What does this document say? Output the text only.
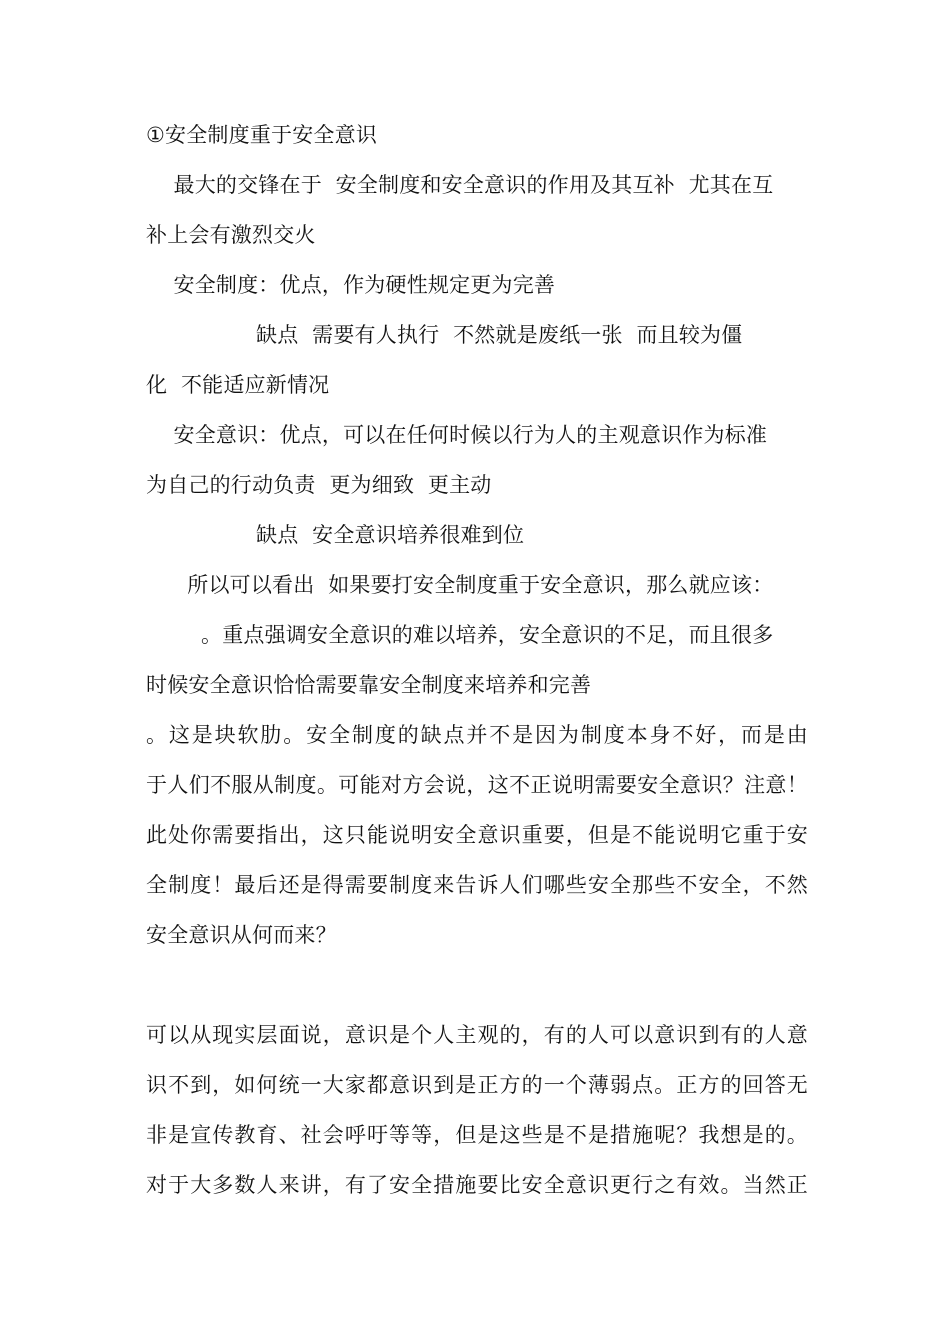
①安全制度重于安全意识
最大的交锋在于  安全制度和安全意识的作用及其互补  尤其在互
补上会有激烈交火
安全制度：优点，作为硬性规定更为完善
缺点  需要有人执行  不然就是废纸一张  而且较为僵
化  不能适应新情况
安全意识：优点，可以在任何时候以行为人的主观意识作为标准
为自己的行动负责  更为细致  更主动
缺点  安全意识培养很难到位
所以可以看出  如果要打安全制度重于安全意识，那么就应该：
。重点强调安全意识的难以培养，安全意识的不足，而且很多
时候安全意识恰恰需要靠安全制度来培养和完善
。这是块软肋。安全制度的缺点并不是因为制度本身不好，而是由
于人们不服从制度。可能对方会说，这不正说明需要安全意识？注意！
此处你需要指出，这只能说明安全意识重要，但是不能说明它重于安
全制度！最后还是得需要制度来告诉人们哪些安全那些不安全，不然
安全意识从何而来？
可以从现实层面说，意识是个人主观的，有的人可以意识到有的人意
识不到，如何统一大家都意识到是正方的一个薄弱点。正方的回答无
非是宣传教育、社会呼吁等等，但是这些是不是措施呢？我想是的。
对于大多数人来讲，有了安全措施要比安全意识更行之有效。当然正
